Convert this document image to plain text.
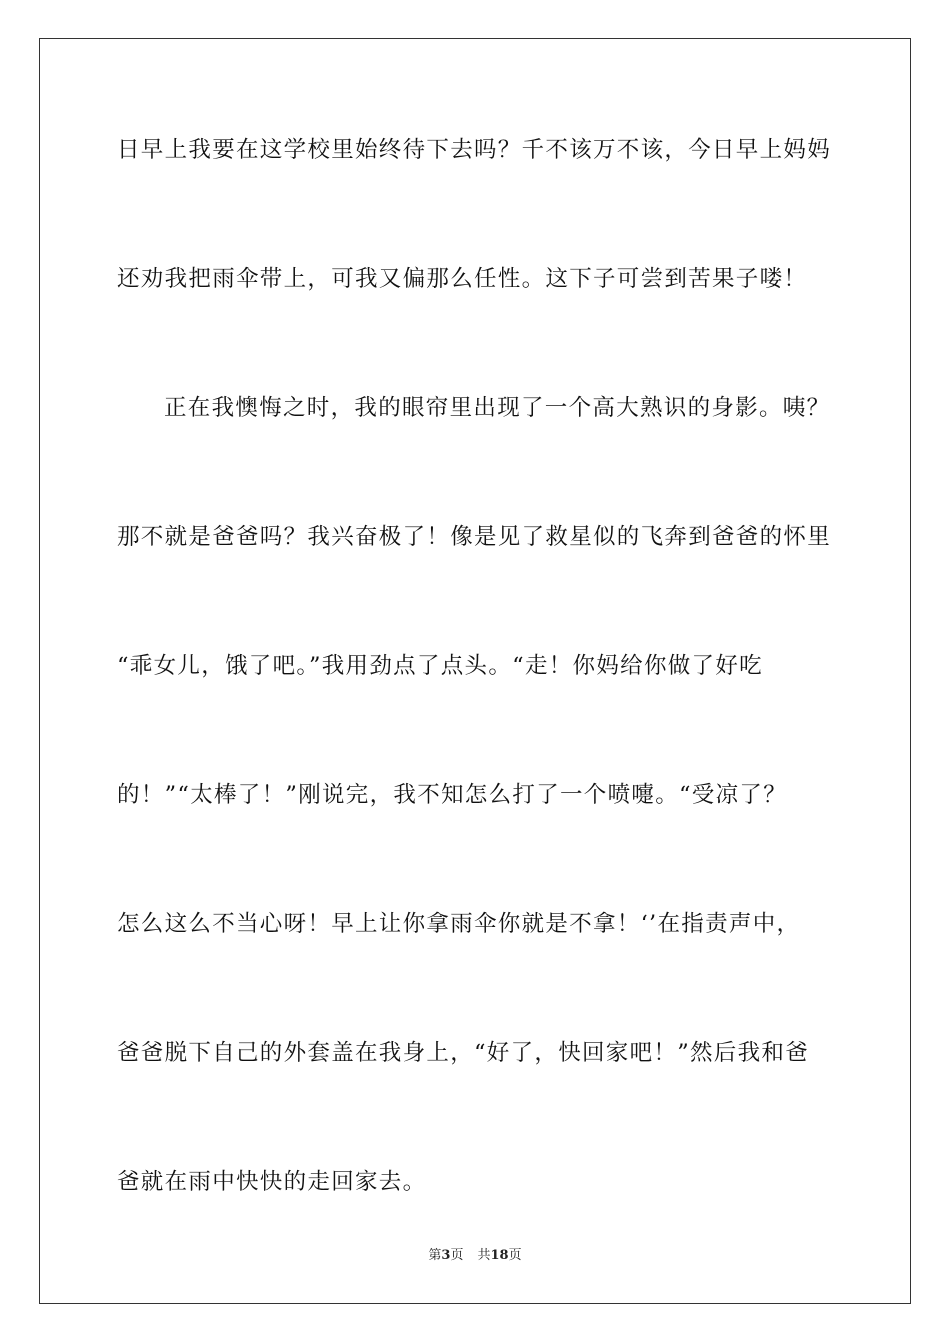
日早上我要在这学校里始终待下去吗？千不该万不该，今日早上妈妈
还劝我把雨伞带上，可我又偏那么任性。这下子可尝到苦果子喽！
正在我懊悔之时，我的眼帘里出现了一个高大熟识的身影。咦？
那不就是爸爸吗？我兴奋极了！像是见了救星似的飞奔到爸爸的怀里
“乖女儿，饿了吧。”我用劲点了点头。“走！你妈给你做了好吃
的！”“太棒了！”刚说完，我不知怎么打了一个喷嚏。“受凉了？
怎么这么不当心呀！早上让你拿雨伞你就是不拿！‘’在指责声中，
爸爸脱下自己的外套盖在我身上，“好了，快回家吧！”然后我和爸
爸就在雨中快快的走回家去。
第3页 共18页
